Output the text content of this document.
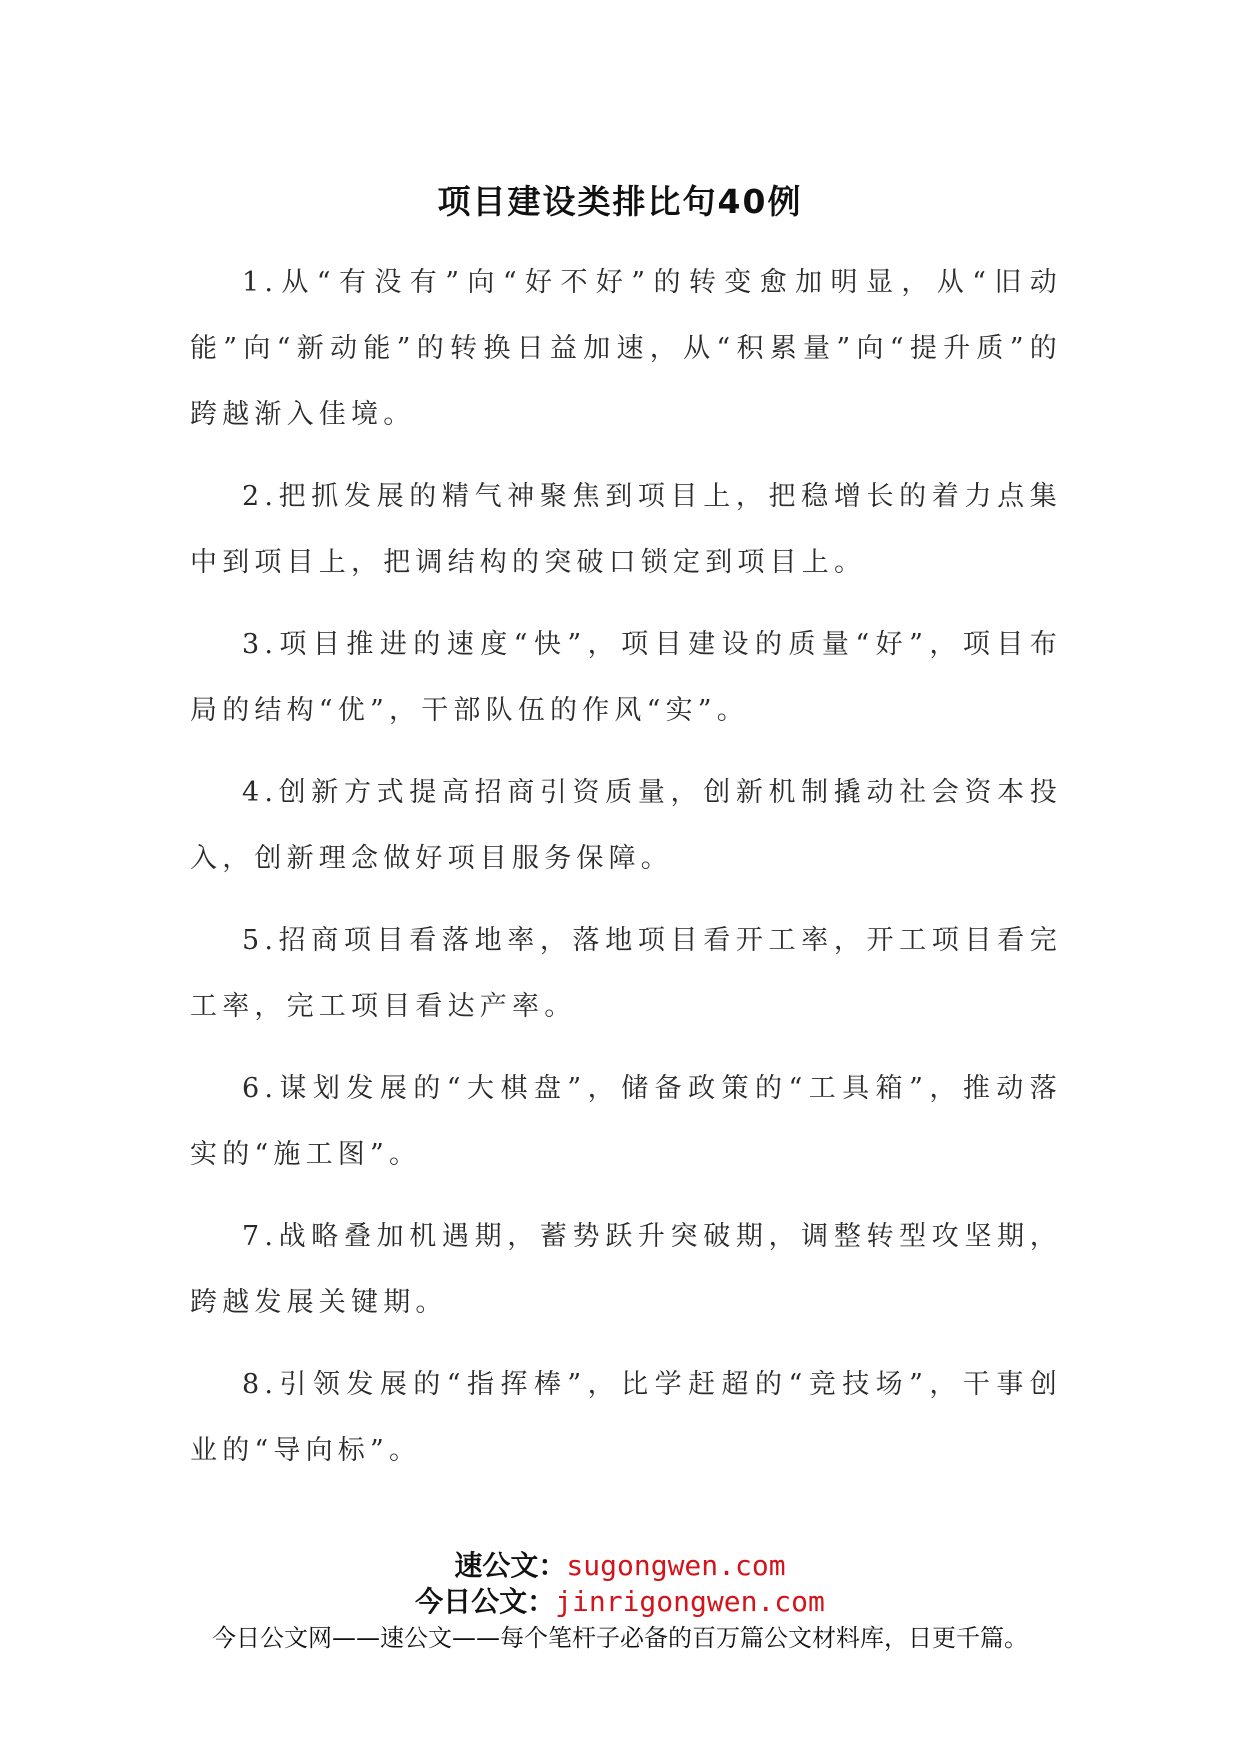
项目建设类排比句40例

1.从“有没有”向“好不好”的转变愈加明显，从“旧动能”向“新动能”的转换日益加速，从“积累量”向“提升质”的跨越渐入佳境。

2.把抓发展的精气神聚焦到项目上，把稳增长的着力点集中到项目上，把调结构的突破口锁定到项目上。

3.项目推进的速度“快”，项目建设的质量“好”，项目布局的结构“优”，干部队伍的作风“实”。

4.创新方式提高招商引资质量，创新机制撬动社会资本投入，创新理念做好项目服务保障。

5.招商项目看落地率，落地项目看开工率，开工项目看完工率，完工项目看达产率。

6.谋划发展的“大棋盘”，储备政策的“工具箱”，推动落实的“施工图”。

7.战略叠加机遇期，蓄势跃升突破期，调整转型攻坚期，跨越发展关键期。

8.引领发展的“指挥棒”，比学赶超的“竞技场”，干事创业的“导向标”。

速公文：sugongwen.com
今日公文：jinrigongwen.com
今日公文网——速公文——每个笔杆子必备的百万篇公文材料库，日更千篇。
